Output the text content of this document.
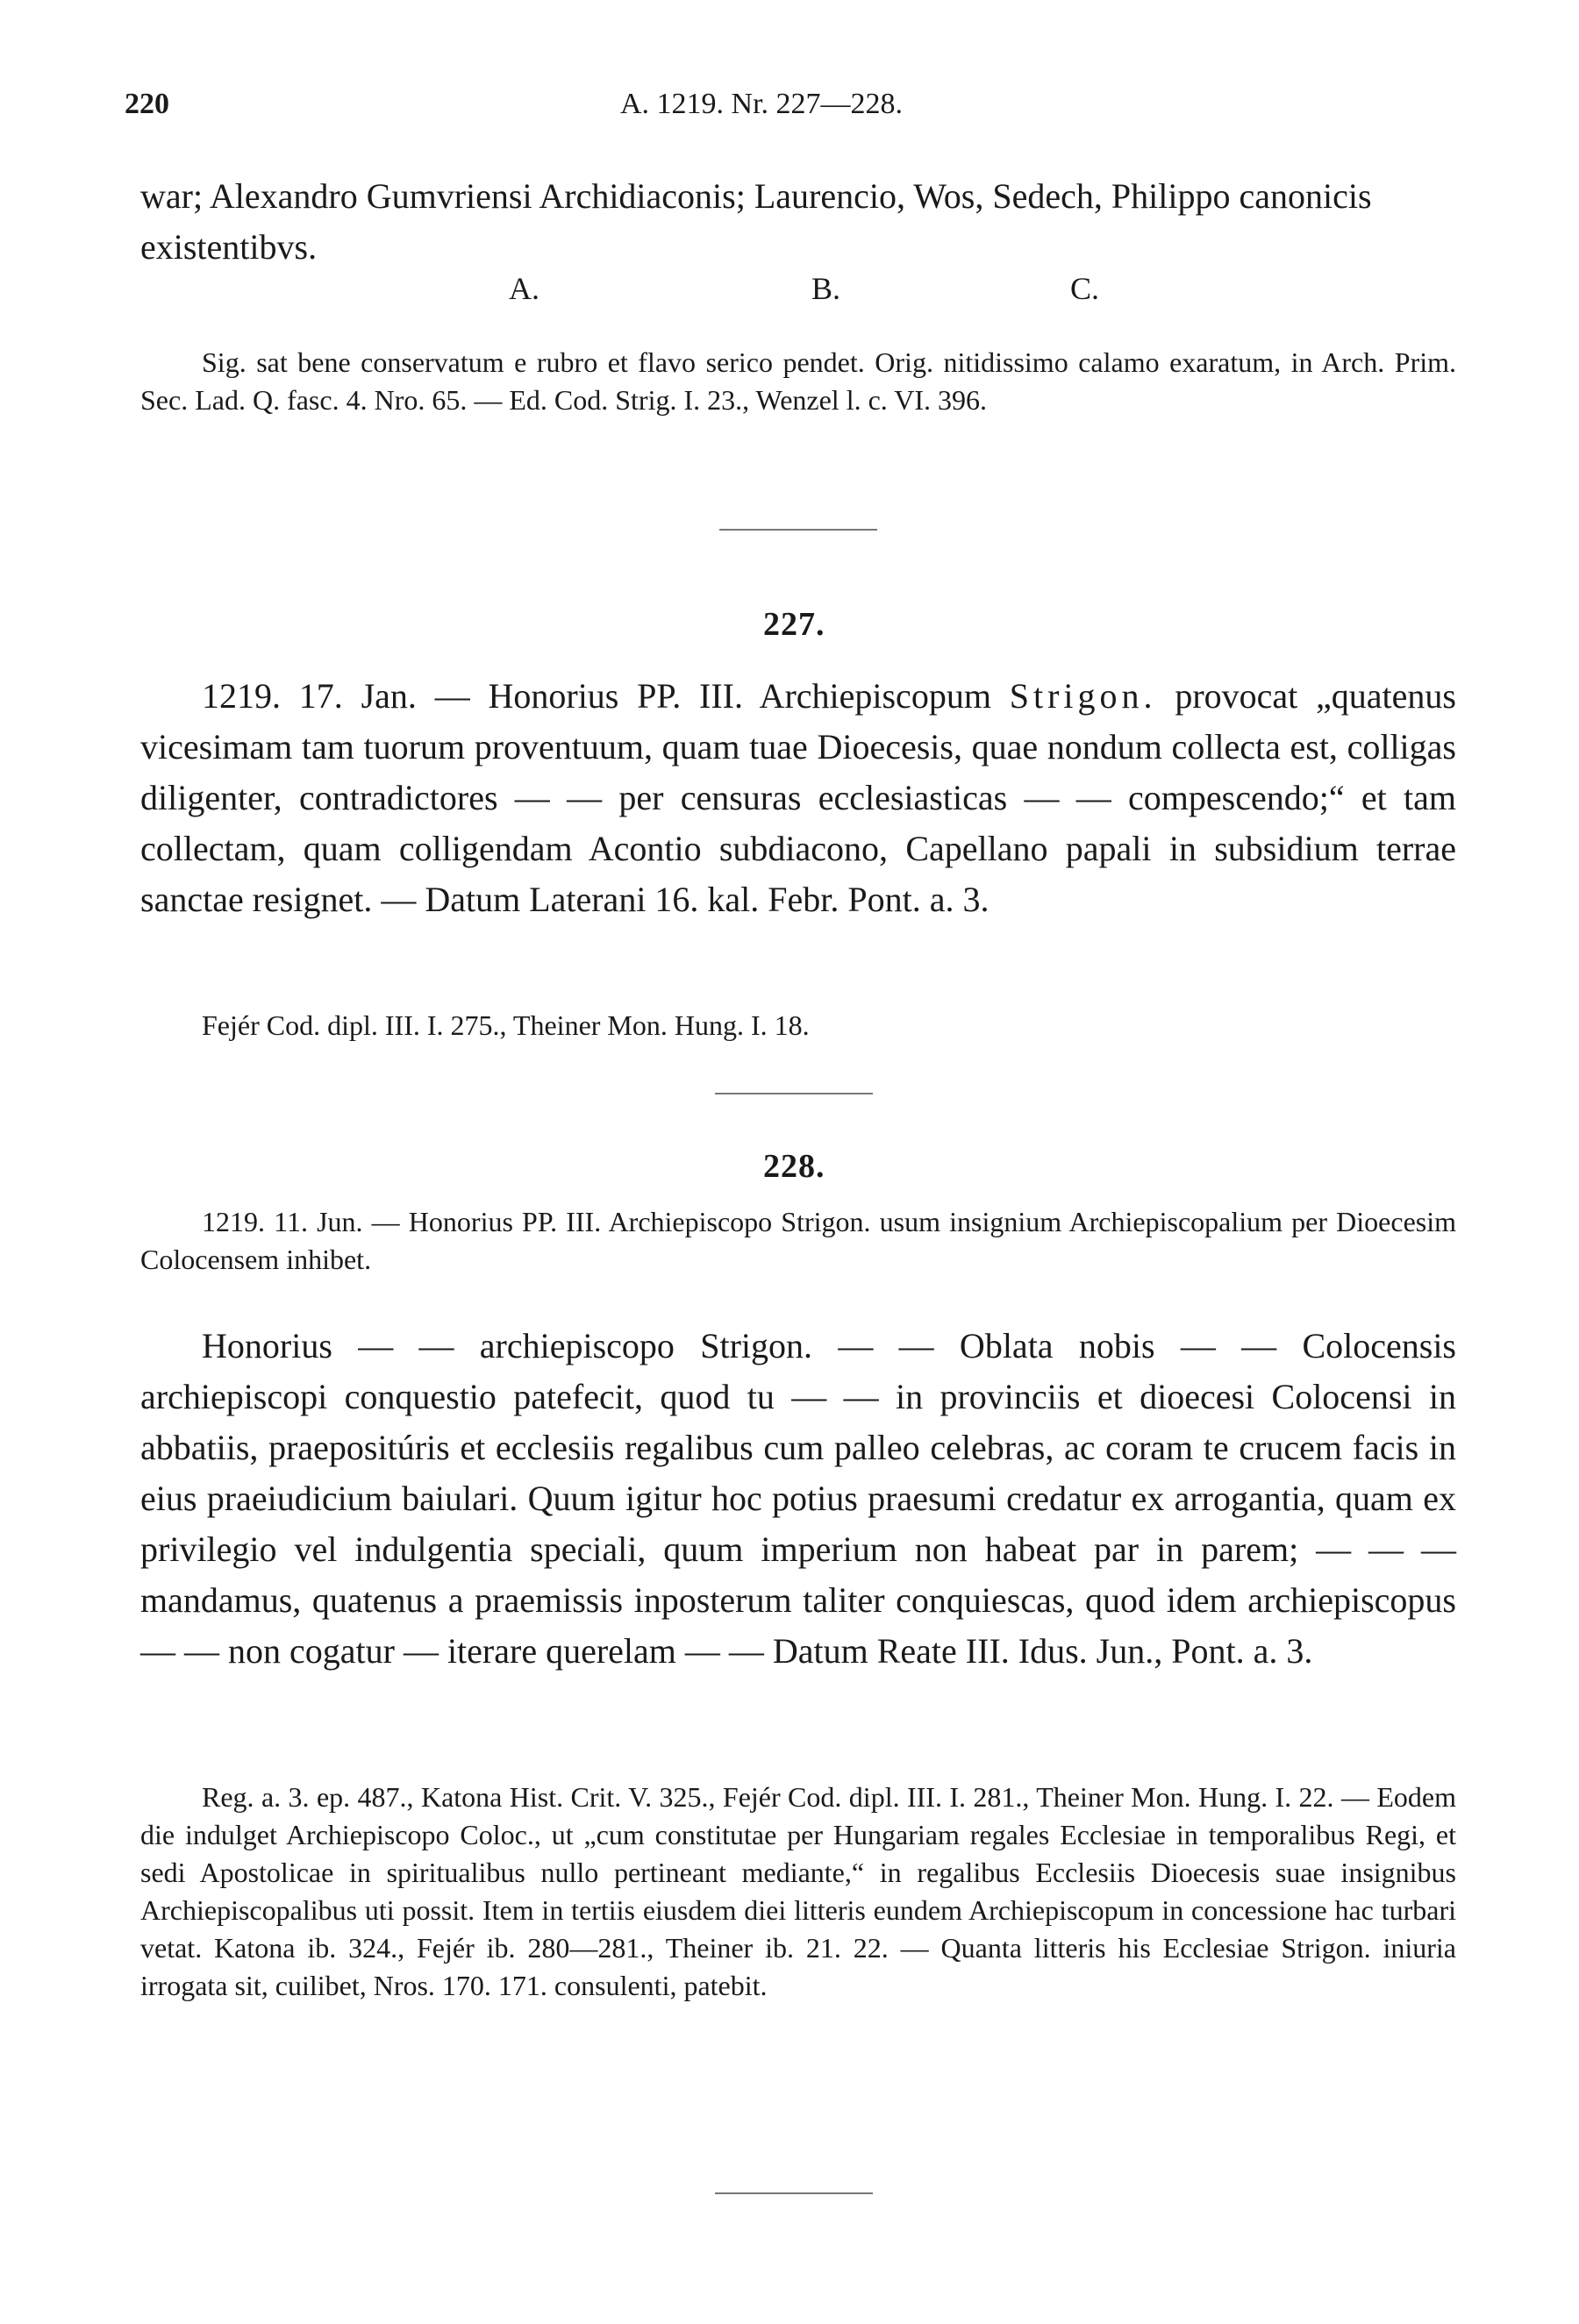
220	A. 1219. Nr. 227—228.

war; Alexandro Gumvriensi Archidiaconis; Laurencio, Wos, Sedech, Philippo canonicis existentibvs.

A.	B.	C.

Sig. sat bene conservatum e rubro et flavo serico pendet. Orig. nitidissimo calamo exaratum, in Arch. Prim. Sec. Lad. Q. fasc. 4. Nro. 65. — Ed. Cod. Strig. I. 23., Wenzel l. c. VI. 396.

227.

1219. 17. Jan. — Honorius PP. III. Archiepiscopum Strigon. provocat „quatenus vicesimam tam tuorum proventuum, quam tuae Dioecesis, quae nondum collecta est, colligas diligenter, contradictores — — per censuras ecclesiasticas — — compescendo;“ et tam collectam, quam colligendam Acontio subdiacono, Capellano papali in subsidium terrae sanctae resignet. — Datum Laterani 16. kal. Febr. Pont. a. 3.

Fejér Cod. dipl. III. I. 275., Theiner Mon. Hung. I. 18.

228.

1219. 11. Jun. — Honorius PP. III. Archiepiscopo Strigon. usum insignium Archiepiscopalium per Dioecesim Colocensem inhibet.

Honorius — — archiepiscopo Strigon. — — Oblata nobis — — Colocensis archiepiscopi conquestio patefecit, quod tu — — in provinciis et dioecesi Colocensi in abbatiis, praepositúris et ecclesiis regalibus cum palleo celebras, ac coram te crucem facis in eius praeiudicium baiulari. Quum igitur hoc potius praesumi credatur ex arrogantia, quam ex privilegio vel indulgentia speciali, quum imperium non habeat par in parem; — — — mandamus, quatenus a praemissis inposterum taliter conquiescas, quod idem archiepiscopus — — non cogatur — iterare querelam — — Datum Reate III. Idus. Jun., Pont. a. 3.

Reg. a. 3. ep. 487., Katona Hist. Crit. V. 325., Fejér Cod. dipl. III. I. 281., Theiner Mon. Hung. I. 22. — Eodem die indulget Archiepiscopo Coloc., ut „cum constitutae per Hungariam regales Ecclesiae in temporalibus Regi, et sedi Apostolicae in spiritualibus nullo pertineant mediante,“ in regalibus Ecclesiis Dioecesis suae insignibus Archiepiscopalibus uti possit. Item in tertiis eiusdem diei litteris eundem Archiepiscopum in concessione hac turbari vetat. Katona ib. 324., Fejér ib. 280—281., Theiner ib. 21. 22. — Quanta litteris his Ecclesiae Strigon. iniuria irrogata sit, cuilibet, Nros. 170. 171. consulenti, patebit.
